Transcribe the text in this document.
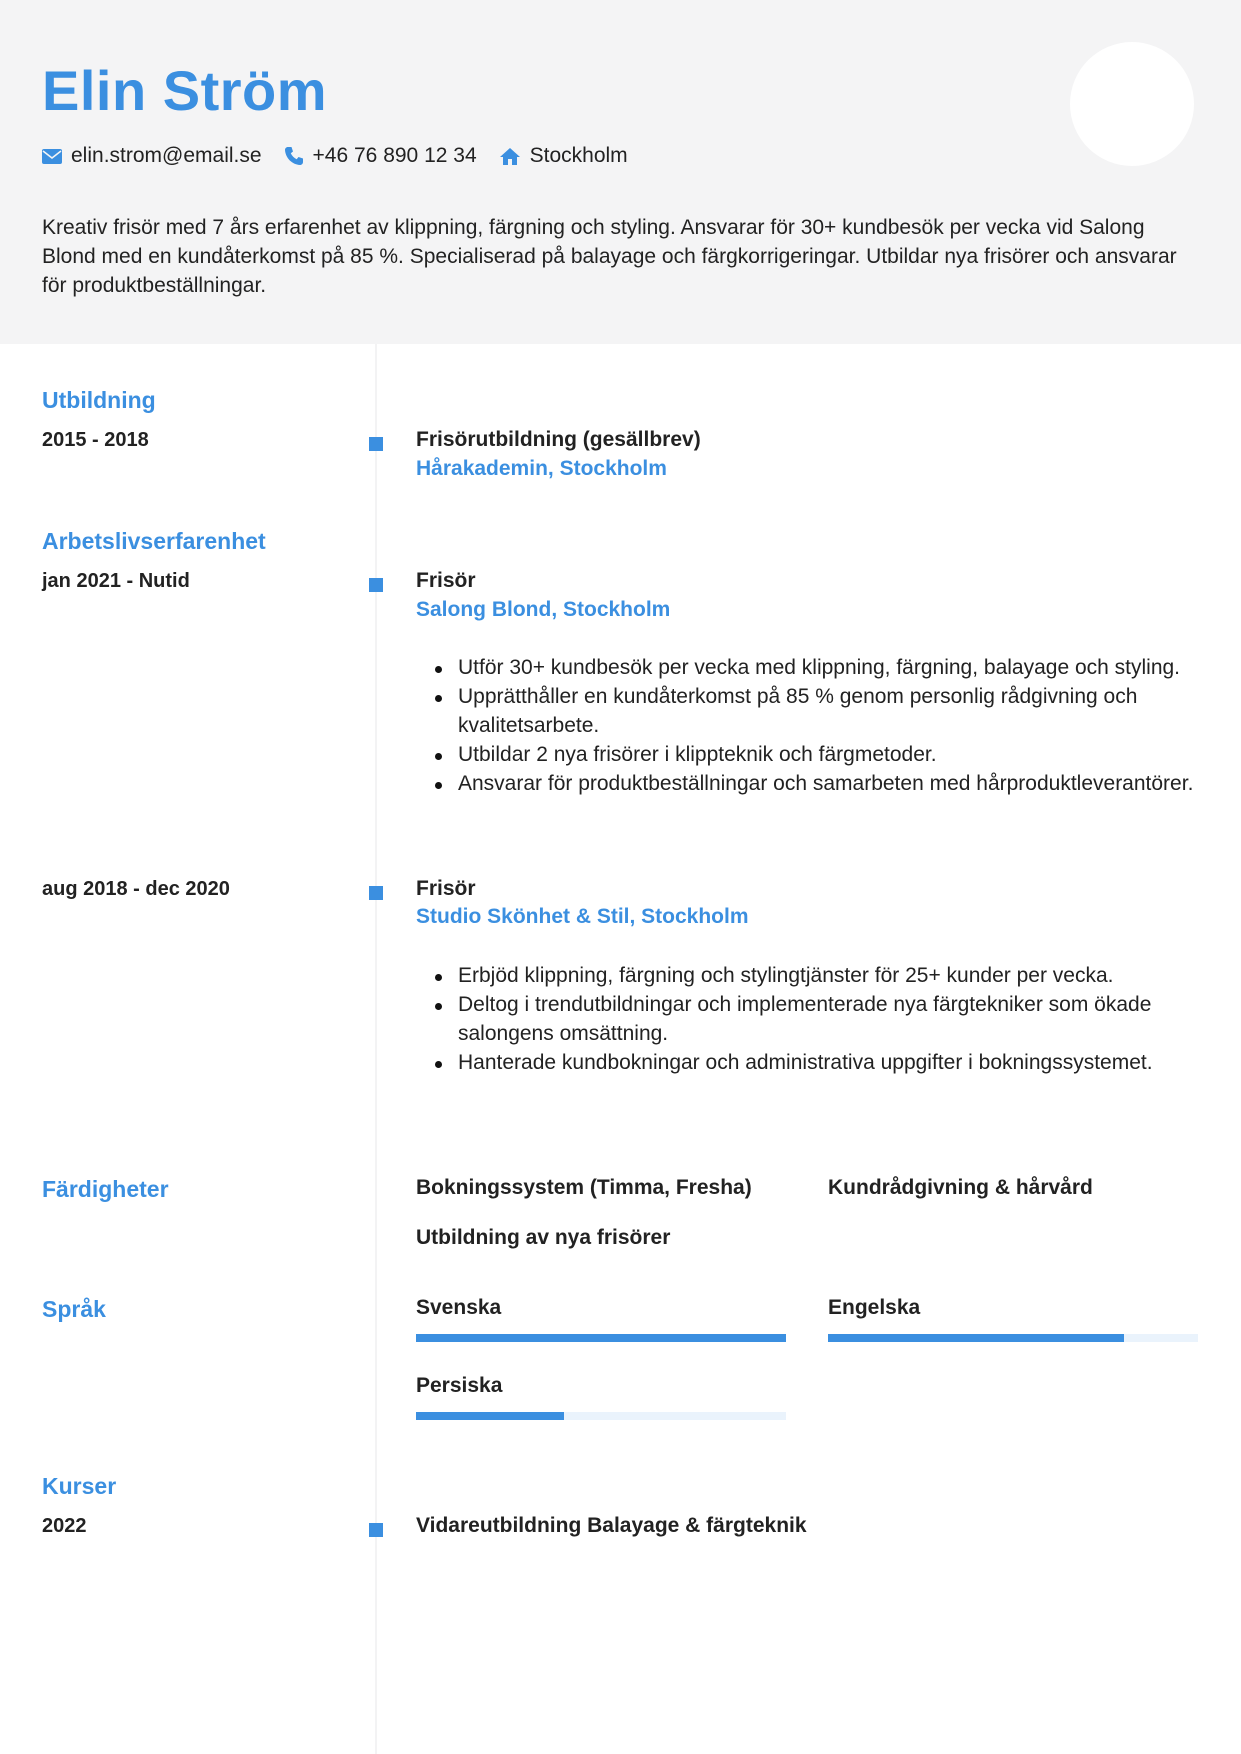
Elin Ström
elin.strom@email.se +46 76 890 12 34	Stockholm
Kreativ frisör med 7 års erfarenhet av klippning, färgning och styling. Ansvarar för 30+ kundbesök per vecka vid Salong Blond med en kundåterkomst på 85 %. Specialiserad på balayage och färgkorrigeringar. Utbildar nya frisörer och ansvarar för produktbeställningar.
Utbildning
2015 - 2018	Frisörutbildning (gesällbrev)
Hårakademin, Stockholm
Arbetslivserfarenhet
jan 2021 - Nutid	Frisör
Salong Blond, Stockholm
Utför 30+ kundbesök per vecka med klippning, färgning, balayage och styling.
Upprätthåller en kundåterkomst på 85 % genom personlig rådgivning och kvalitetsarbete.
Utbildar 2 nya frisörer i klippteknik och färgmetoder.
Ansvarar för produktbeställningar och samarbeten med hårproduktleverantörer.
aug 2018 - dec 2020	Frisör
Studio Skönhet & Stil, Stockholm
Erbjöd klippning, färgning och stylingtjänster för 25+ kunder per vecka.
Deltog i trendutbildningar och implementerade nya färgtekniker som ökade salongens omsättning.
Hanterade kundbokningar och administrativa uppgifter i bokningssystemet.
Färdigheter	Bokningssystem (Timma, Fresha)	Kundrådgivning & hårvård
Utbildning av nya frisörer
Språk	Svenska	Engelska
Persiska
Kurser
2022	Vidareutbildning Balayage & färgteknik
